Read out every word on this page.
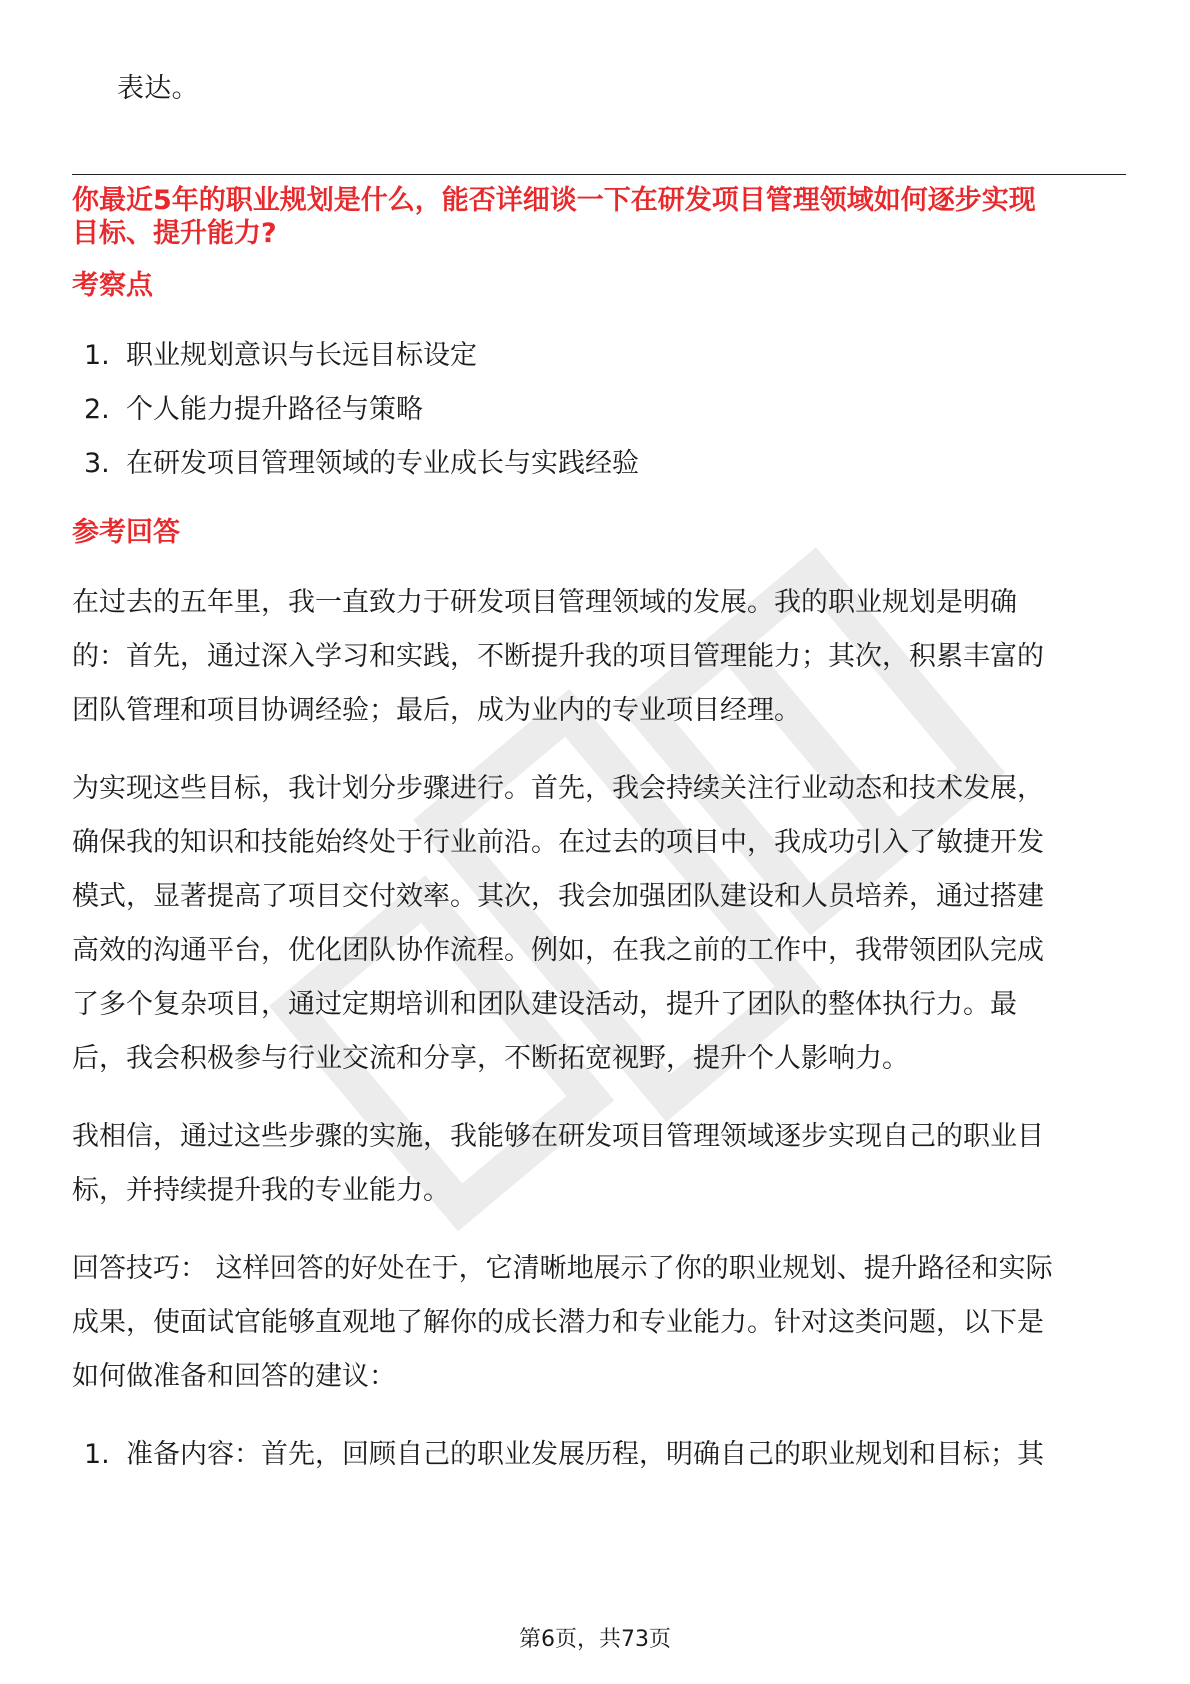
表达。
你最近5年的职业规划是什么，能否详细谈一下在研发项目管理领域如何逐步实现
目标、提升能力?
考察点
1. 职业规划意识与长远目标设定
2. 个人能力提升路径与策略
3. 在研发项目管理领域的专业成长与实践经验
参考回答
在过去的五年里，我一直致力于研发项目管理领域的发展。我的职业规划是明确
的：首先，通过深入学习和实践，不断提升我的项目管理能力；其次，积累丰富的
团队管理和项目协调经验；最后，成为业内的专业项目经理。
为实现这些目标，我计划分步骤进行。首先，我会持续关注行业动态和技术发展，
确保我的知识和技能始终处于行业前沿。在过去的项目中，我成功引入了敏捷开发
模式，显著提高了项目交付效率。其次，我会加强团队建设和人员培养，通过搭建
高效的沟通平台，优化团队协作流程。例如，在我之前的工作中，我带领团队完成
了多个复杂项目，通过定期培训和团队建设活动，提升了团队的整体执行力。最
后，我会积极参与行业交流和分享，不断拓宽视野，提升个人影响力。
我相信，通过这些步骤的实施，我能够在研发项目管理领域逐步实现自己的职业目
标，并持续提升我的专业能力。
回答技巧： 这样回答的好处在于，它清晰地展示了你的职业规划、提升路径和实际
成果，使面试官能够直观地了解你的成长潜力和专业能力。针对这类问题，以下是
如何做准备和回答的建议：
1. 准备内容：首先，回顾自己的职业发展历程，明确自己的职业规划和目标；其
第6页，共73页
